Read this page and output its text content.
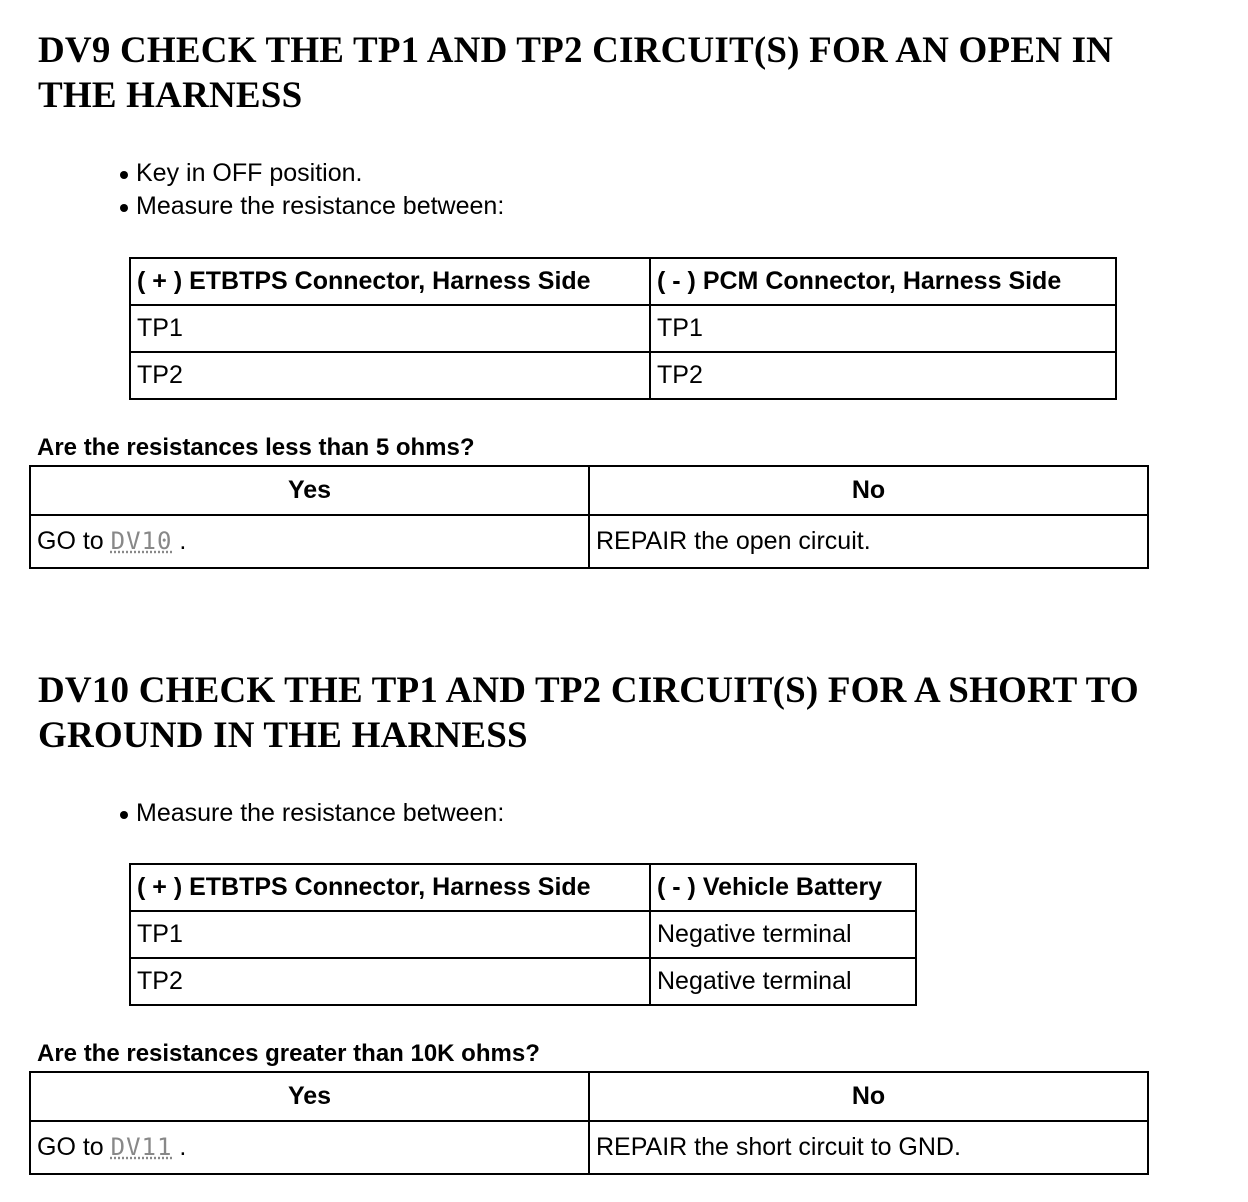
DV9 CHECK THE TP1 AND TP2 CIRCUIT(S) FOR AN OPEN IN THE HARNESS
Key in OFF position.
Measure the resistance between:
( + ) ETBTPS Connector, Harness Side	( - ) PCM Connector, Harness Side
TP1	TP1
TP2	TP2

Are the resistances less than 5 ohms?

Yes	No
GO to DV10 .	REPAIR the open circuit.
DV10 CHECK THE TP1 AND TP2 CIRCUIT(S) FOR A SHORT TO GROUND IN THE HARNESS
Measure the resistance between:
( + ) ETBTPS Connector, Harness Side	( - ) Vehicle Battery
TP1	Negative terminal
TP2	Negative terminal

Are the resistances greater than 10K ohms?

Yes	No
GO to DV11 .	REPAIR the short circuit to GND.
